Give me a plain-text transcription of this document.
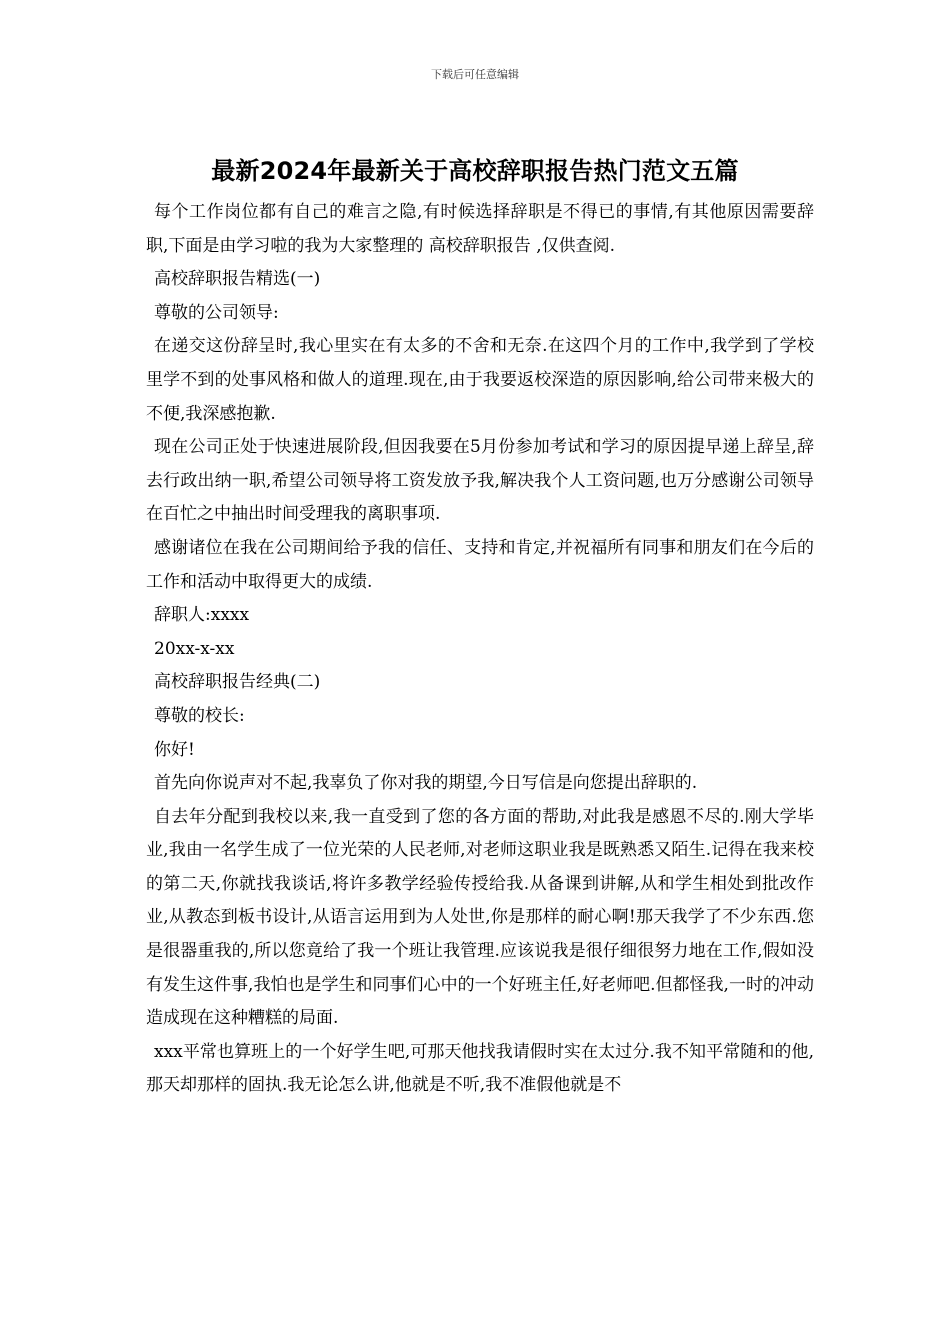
下载后可任意编辑
最新2024年最新关于高校辞职报告热门范文五篇

每个工作岗位都有自己的难言之隐,有时候选择辞职是不得已的事情,有其他原因需要辞职,下面是由学习啦的我为大家整理的 高校辞职报告 ,仅供查阅.

高校辞职报告精选(一)

尊敬的公司领导:

在递交这份辞呈时,我心里实在有太多的不舍和无奈.在这四个月的工作中,我学到了学校里学不到的处事风格和做人的道理.现在,由于我要返校深造的原因影响,给公司带来极大的不便,我深感抱歉.

现在公司正处于快速进展阶段,但因我要在5月份参加考试和学习的原因提早递上辞呈,辞去行政出纳一职,希望公司领导将工资发放予我,解决我个人工资问题,也万分感谢公司领导在百忙之中抽出时间受理我的离职事项.

感谢诸位在我在公司期间给予我的信任、支持和肯定,并祝福所有同事和朋友们在今后的工作和活动中取得更大的成绩.

辞职人:xxxx

20xx-x-xx

高校辞职报告经典(二)

尊敬的校长:

你好!

首先向你说声对不起,我辜负了你对我的期望,今日写信是向您提出辞职的.

自去年分配到我校以来,我一直受到了您的各方面的帮助,对此我是感恩不尽的.刚大学毕业,我由一名学生成了一位光荣的人民老师,对老师这职业我是既熟悉又陌生.记得在我来校的第二天,你就找我谈话,将许多教学经验传授给我.从备课到讲解,从和学生相处到批改作业,从教态到板书设计,从语言运用到为人处世,你是那样的耐心啊!那天我学了不少东西.您是很器重我的,所以您竟给了我一个班让我管理.应该说我是很仔细很努力地在工作,假如没有发生这件事,我怕也是学生和同事们心中的一个好班主任,好老师吧.但都怪我,一时的冲动造成现在这种糟糕的局面.

xxx平常也算班上的一个好学生吧,可那天他找我请假时实在太过分.我不知平常随和的他,那天却那样的固执.我无论怎么讲,他就是不听,我不准假他就是不
